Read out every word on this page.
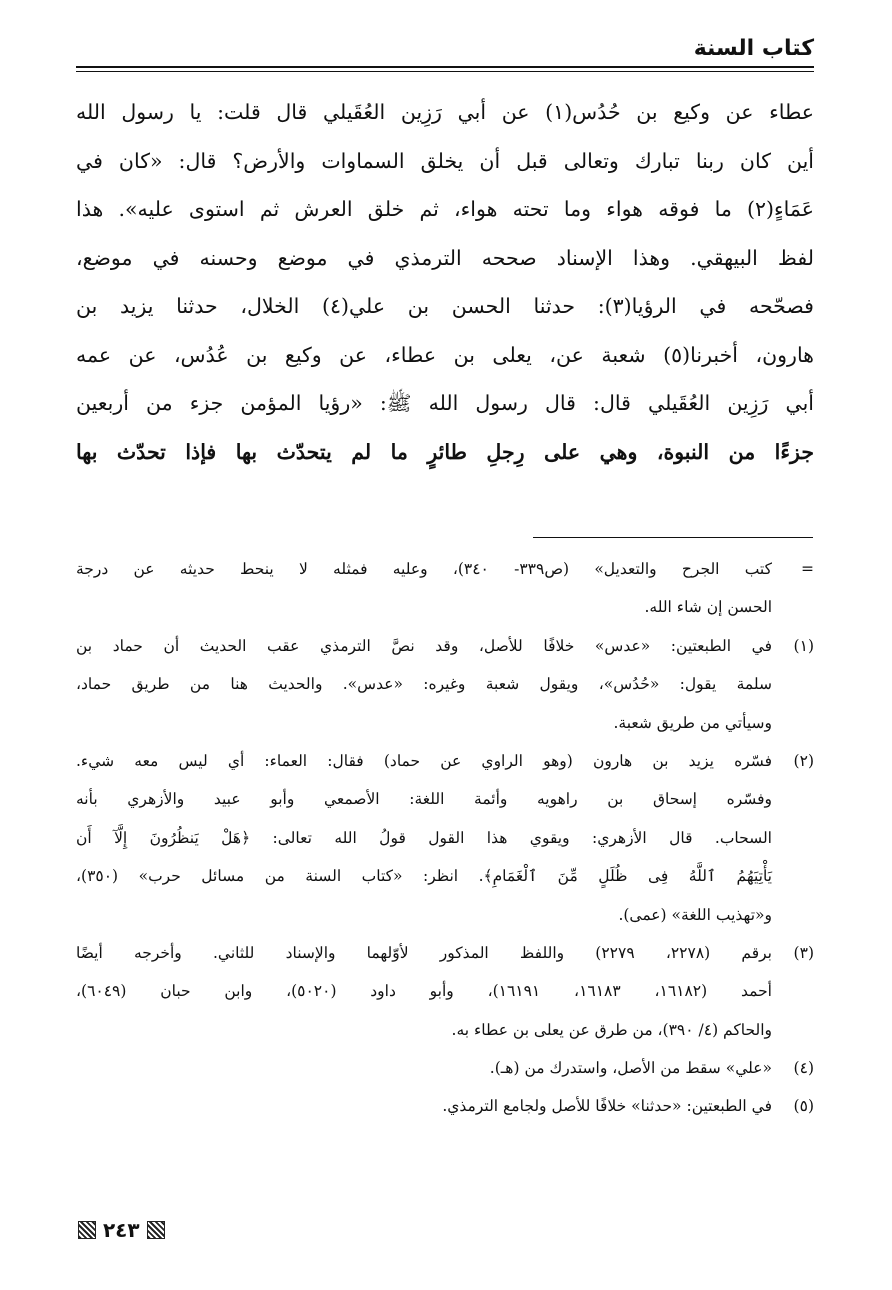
كتاب السنة
عطاء عن وكيع بن حُدُس(١) عن أبي رَزِين العُقَيلي قال قلت: يا رسول الله
أين كان ربنا تبارك وتعالى قبل أن يخلق السماوات والأرض؟ قال: «كان في
عَمَاءٍ(٢) ما فوقه هواء وما تحته هواء، ثم خلق العرش ثم استوى عليه». هذا
لفظ البيهقي. وهذا الإسناد صححه الترمذي في موضع وحسنه في موضع،
فصحّحه في الرؤيا(٣): حدثنا الحسن بن علي(٤) الخلال، حدثنا يزيد بن
هارون، أخبرنا(٥) شعبة عن، يعلى بن عطاء، عن وكيع بن عُدُس، عن عمه
أبي رَزِين العُقَيلي قال: قال رسول الله ﷺ: «رؤيا المؤمن جزء من أربعين
جزءًا من النبوة، وهي على رِجلِ طائرٍ ما لم يتحدّث بها فإذا تحدّث بها
=
كتب الجرح والتعديل» (ص٣٣٩- ٣٤٠)، وعليه فمثله لا ينحط حديثه عن درجة
الحسن إن شاء الله.
(١)
في الطبعتين: «عدس» خلافًا للأصل، وقد نصَّ الترمذي عقب الحديث أن حماد بن
سلمة يقول: «حُدُس»، ويقول شعبة وغيره: «عدس». والحديث هنا من طريق حماد،
وسيأتي من طريق شعبة.
(٢)
فسّره يزيد بن هارون (وهو الراوي عن حماد) فقال: العماء: أي ليس معه شيء.
وفسّره إسحاق بن راهويه وأئمة اللغة: الأصمعي وأبو عبيد والأزهري بأنه
السحاب. قال الأزهري: ويقوي هذا القول قولُ الله تعالى: ﴿هَلْ يَنظُرُونَ إِلَّآ أَن
يَأْتِيَهُمُ ٱللَّهُ فِى ظُلَلٍ مِّنَ ٱلْغَمَامِ﴾. انظر: «كتاب السنة من مسائل حرب» (٣٥٠)،
و«تهذيب اللغة» (عمى).
(٣)
برقم (٢٢٧٨، ٢٢٧٩) واللفظ المذكور لأوّلهما والإسناد للثاني. وأخرجه أيضًا
أحمد (١٦١٨٢، ١٦١٨٣، ١٦١٩١)، وأبو داود (٥٠٢٠)، وابن حبان (٦٠٤٩)،
والحاكم (٤/ ٣٩٠)، من طرق عن يعلى بن عطاء به.
(٤)
«علي» سقط من الأصل، واستدرك من (هـ).
(٥)
في الطبعتين: «حدثنا» خلافًا للأصل ولجامع الترمذي.
٢٤٣
